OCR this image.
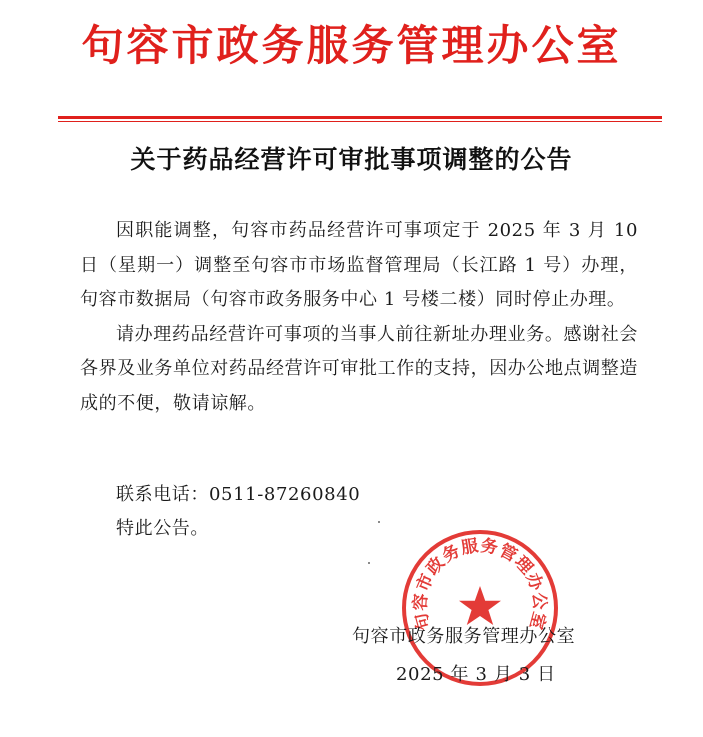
句容市政务服务管理办公室
关于药品经营许可审批事项调整的公告

因职能调整，句容市药品经营许可事项定于 2025 年 3 月 10 日（星期一）调整至句容市市场监督管理局（长江路 1 号）办理，句容市数据局（句容市政务服务中心 1 号楼二楼）同时停止办理。

请办理药品经营许可事项的当事人前往新址办理业务。感谢社会各界及业务单位对药品经营许可审批工作的支持，因办公地点调整造成的不便，敬请谅解。

联系电话：0511-87260840
特此公告。
句容市政务服务管理办公室
句容市政务服务管理办公室
2025 年 3 月 3 日
